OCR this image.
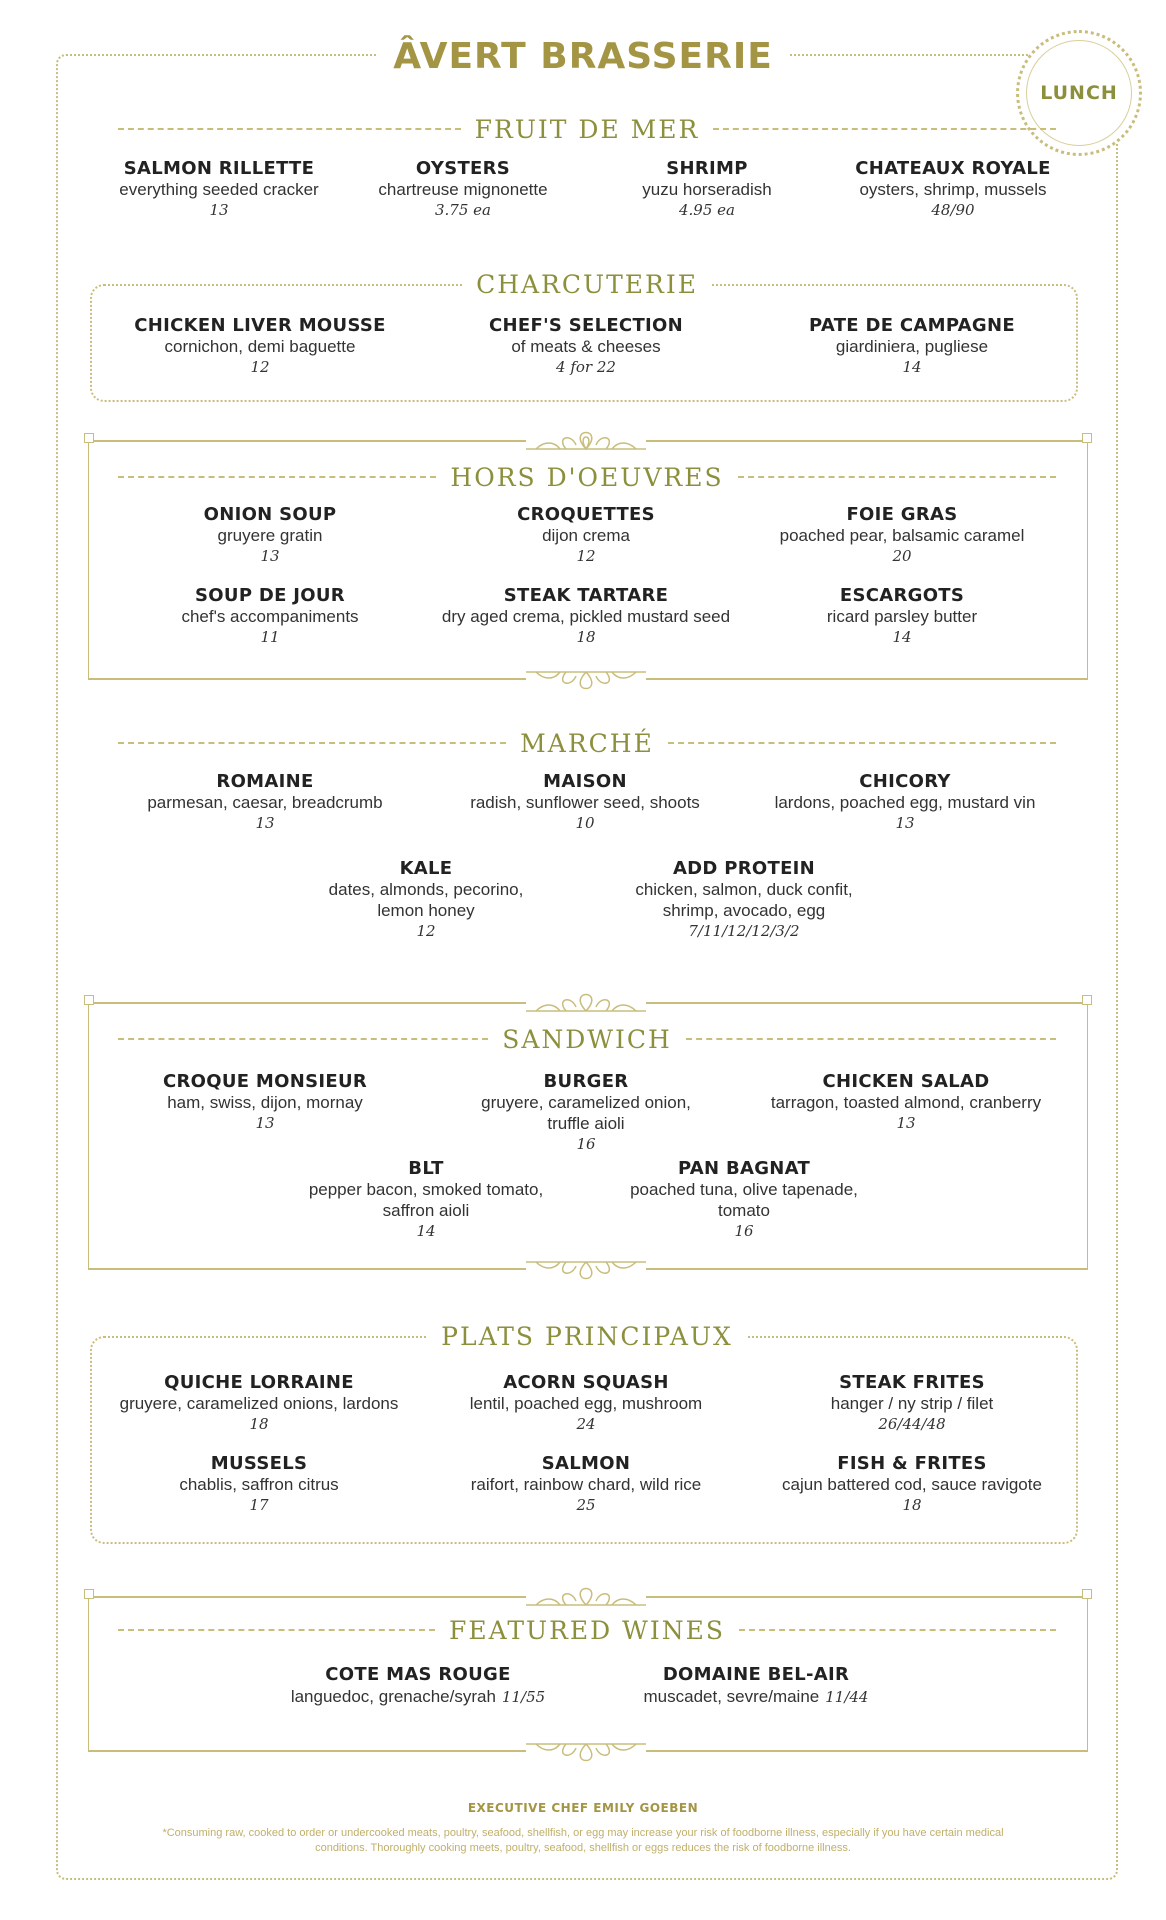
ÂVERT BRASSERIE
LUNCH
FRUIT DE MER
SALMON RILLETTE
everything seeded cracker
13
OYSTERS
chartreuse mignonette
3.75 ea
SHRIMP
yuzu horseradish
4.95 ea
CHATEAUX ROYALE
oysters, shrimp, mussels
48/90
CHARCUTERIE
CHICKEN LIVER MOUSSE
cornichon, demi baguette
12
CHEF'S SELECTION
of meats & cheeses
4 for 22
PATE DE CAMPAGNE
giardiniera, pugliese
14
HORS D'OEUVRES
ONION SOUP
gruyere gratin
13
CROQUETTES
dijon crema
12
FOIE GRAS
poached pear, balsamic caramel
20
SOUP DE JOUR
chef's accompaniments
11
STEAK TARTARE
dry aged crema, pickled mustard seed
18
ESCARGOTS
ricard parsley butter
14
MARCHÉ
ROMAINE
parmesan, caesar, breadcrumb
13
MAISON
radish, sunflower seed, shoots
10
CHICORY
lardons, poached egg, mustard vin
13
KALE
dates, almonds, pecorino,
lemon honey
12
ADD PROTEIN
chicken, salmon, duck confit,
shrimp, avocado, egg
7/11/12/12/3/2
SANDWICH
CROQUE MONSIEUR
ham, swiss, dijon, mornay
13
BURGER
gruyere, caramelized onion,
truffle aioli
16
CHICKEN SALAD
tarragon, toasted almond, cranberry
13
BLT
pepper bacon, smoked tomato,
saffron aioli
14
PAN BAGNAT
poached tuna, olive tapenade,
tomato
16
PLATS PRINCIPAUX
QUICHE LORRAINE
gruyere, caramelized onions, lardons
18
ACORN SQUASH
lentil, poached egg, mushroom
24
STEAK FRITES
hanger / ny strip / filet
26/44/48
MUSSELS
chablis, saffron citrus
17
SALMON
raifort, rainbow chard, wild rice
25
FISH & FRITES
cajun battered cod, sauce ravigote
18
FEATURED WINES
COTE MAS ROUGE
languedoc, grenache/syrah 11/55
DOMAINE BEL-AIR
muscadet, sevre/maine 11/44
EXECUTIVE CHEF EMILY GOEBEN
*Consuming raw, cooked to order or undercooked meats, poultry, seafood, shellfish, or egg may increase your risk of foodborne illness, especially if you have certain medical conditions. Thoroughly cooking meets, poultry, seafood, shellfish or eggs reduces the risk of foodborne illness.
